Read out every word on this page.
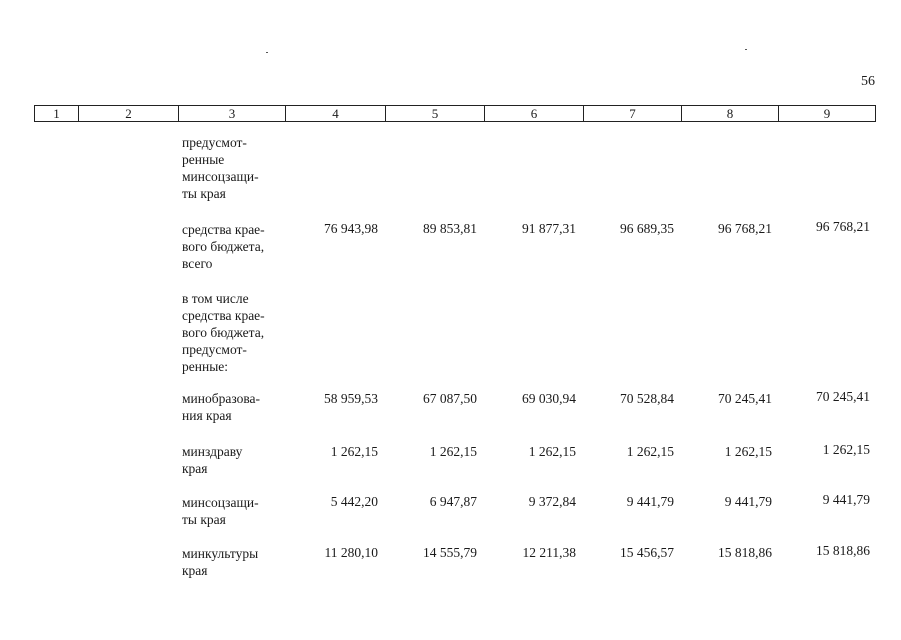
56
1	2	3	4	5	6	7	8	9
предусмот-
ренные
минсоцзащи-
ты края
средства крае-
вого бюджета,
всего
76 943,98	89 853,81	91 877,31	96 689,35	96 768,21	96 768,21
в том числе
средства крае-
вого бюджета,
предусмот-
ренные:
минобразова-
ния края
58 959,53	67 087,50	69 030,94	70 528,84	70 245,41	70 245,41
минздраву
края
1 262,15	1 262,15	1 262,15	1 262,15	1 262,15	1 262,15
минсоцзащи-
ты края
5 442,20	6 947,87	9 372,84	9 441,79	9 441,79	9 441,79
минкультуры
края
11 280,10	14 555,79	12 211,38	15 456,57	15 818,86	15 818,86
